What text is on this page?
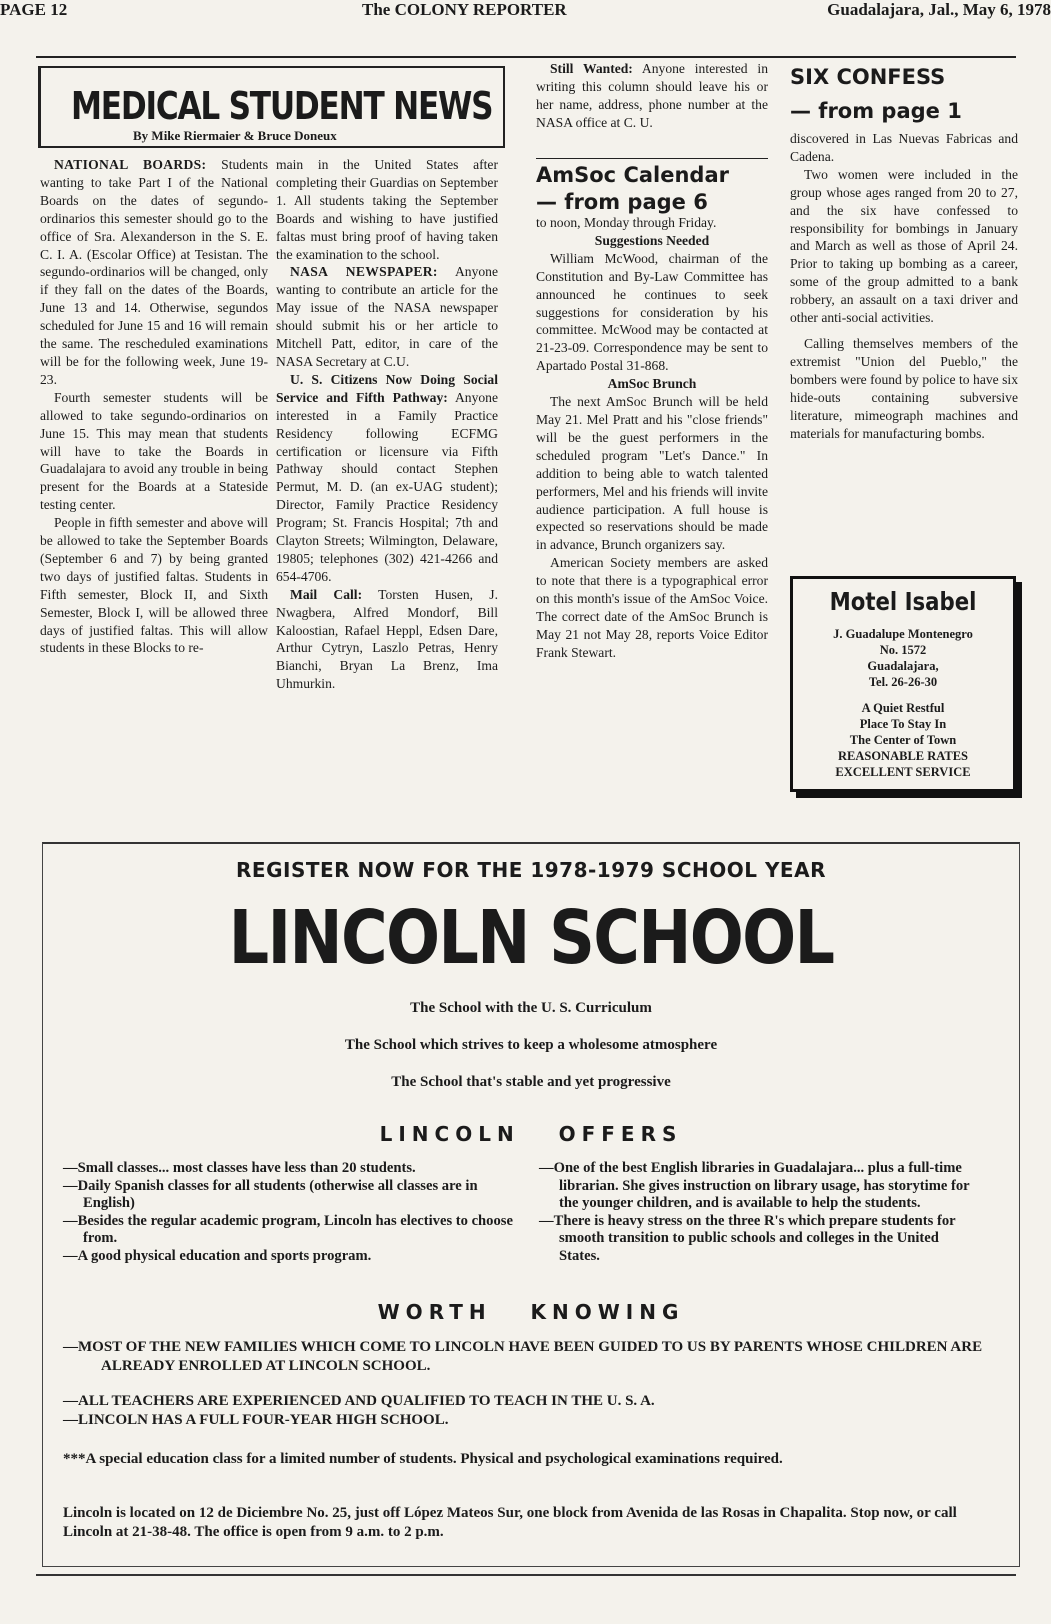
PAGE 12	The COLONY REPORTER	Guadalajara, Jal., May 6, 1978
MEDICAL STUDENT NEWS
By Mike Riermaier & Bruce Doneux

NATIONAL BOARDS: Students wanting to take Part I of the National Boards on the dates of segundo-ordinarios this semester should go to the office of Sra. Alexanderson in the S. E. C. I. A. (Escolar Office) at Tesistan. The segundo-ordinarios will be changed, only if they fall on the dates of the Boards, June 13 and 14. Otherwise, segundos scheduled for June 15 and 16 will remain the same. The rescheduled examinations will be for the following week, June 19-23.

Fourth semester students will be allowed to take segundo-ordinarios on June 15. This may mean that students will have to take the Boards in Guadalajara to avoid any trouble in being present for the Boards at a Stateside testing center.

People in fifth semester and above will be allowed to take the September Boards (September 6 and 7) by being granted two days of justified faltas. Students in Fifth semester, Block II, and Sixth Semester, Block I, will be allowed three days of justified faltas. This will allow students in these Blocks to re-

main in the United States after completing their Guardias on September 1. All students taking the September Boards and wishing to have justified faltas must bring proof of having taken the examination to the school.

NASA NEWSPAPER: Anyone wanting to contribute an article for the May issue of the NASA newspaper should submit his or her article to Mitchell Patt, editor, in care of the NASA Secretary at C.U.

U. S. Citizens Now Doing Social Service and Fifth Pathway: Anyone interested in a Family Practice Residency following ECFMG certification or licensure via Fifth Pathway should contact Stephen Permut, M. D. (an ex-UAG student); Director, Family Practice Residency Program; St. Francis Hospital; 7th and Clayton Streets; Wilmington, Delaware, 19805; telephones (302) 421-4266 and 654-4706.

Mail Call: Torsten Husen, J. Nwagbera, Alfred Mondorf, Bill Kaloostian, Rafael Heppl, Edsen Dare, Arthur Cytryn, Laszlo Petras, Henry Bianchi, Bryan La Brenz, Ima Uhmurkin.

Still Wanted: Anyone interested in writing this column should leave his or her name, address, phone number at the NASA office at C. U.

AmSoc Calendar
— from page 6

to noon, Monday through Friday.

Suggestions Needed

William McWood, chairman of the Constitution and By-Law Committee has announced he continues to seek suggestions for consideration by his committee. McWood may be contacted at 21-23-09. Correspondence may be sent to Apartado Postal 31-868.

AmSoc Brunch

The next AmSoc Brunch will be held May 21. Mel Pratt and his "close friends" will be the guest performers in the scheduled program "Let's Dance." In addition to being able to watch talented performers, Mel and his friends will invite audience participation. A full house is expected so reservations should be made in advance, Brunch organizers say.

American Society members are asked to note that there is a typographical error on this month's issue of the AmSoc Voice. The correct date of the AmSoc Brunch is May 21 not May 28, reports Voice Editor Frank Stewart.

SIX CONFESS
— from page 1

discovered in Las Nuevas Fabricas and Cadena.

Two women were included in the group whose ages ranged from 20 to 27, and the six have confessed to responsibility for bombings in January and March as well as those of April 24. Prior to taking up bombing as a career, some of the group admitted to a bank robbery, an assault on a taxi driver and other anti-social activities.

Calling themselves members of the extremist "Union del Pueblo," the bombers were found by police to have six hide-outs containing subversive literature, mimeograph machines and materials for manufacturing bombs.

Motel Isabel
J. Guadalupe Montenegro
No. 1572
Guadalajara,
Tel. 26-26-30
A Quiet Restful
Place To Stay In
The Center of Town
REASONABLE RATES
EXCELLENT SERVICE
REGISTER NOW FOR THE 1978-1979 SCHOOL YEAR
LINCOLN SCHOOL
The School with the U. S. Curriculum
The School which strives to keep a wholesome atmosphere
The School that's stable and yet progressive
LINCOLN   OFFERS

—Small classes... most classes have less than 20 students.

—Daily Spanish classes for all students (otherwise all classes are in English)

—Besides the regular academic program, Lincoln has electives to choose from.

—A good physical education and sports program.

—One of the best English libraries in Guadalajara... plus a full-time librarian. She gives instruction on library usage, has storytime for the younger children, and is available to help the students.

—There is heavy stress on the three R's which prepare students for smooth transition to public schools and colleges in the United States.

WORTH   KNOWING

—MOST OF THE NEW FAMILIES WHICH COME TO LINCOLN HAVE BEEN GUIDED TO US BY PARENTS WHOSE CHILDREN ARE ALREADY ENROLLED AT LINCOLN SCHOOL.

—ALL TEACHERS ARE EXPERIENCED AND QUALIFIED TO TEACH IN THE U. S. A.

—LINCOLN HAS A FULL FOUR-YEAR HIGH SCHOOL.

***A special education class for a limited number of students. Physical and psychological examinations required.

Lincoln is located on 12 de Diciembre No. 25, just off López Mateos Sur, one block from Avenida de las Rosas in Chapalita. Stop now, or call Lincoln at 21-38-48. The office is open from 9 a.m. to 2 p.m.
